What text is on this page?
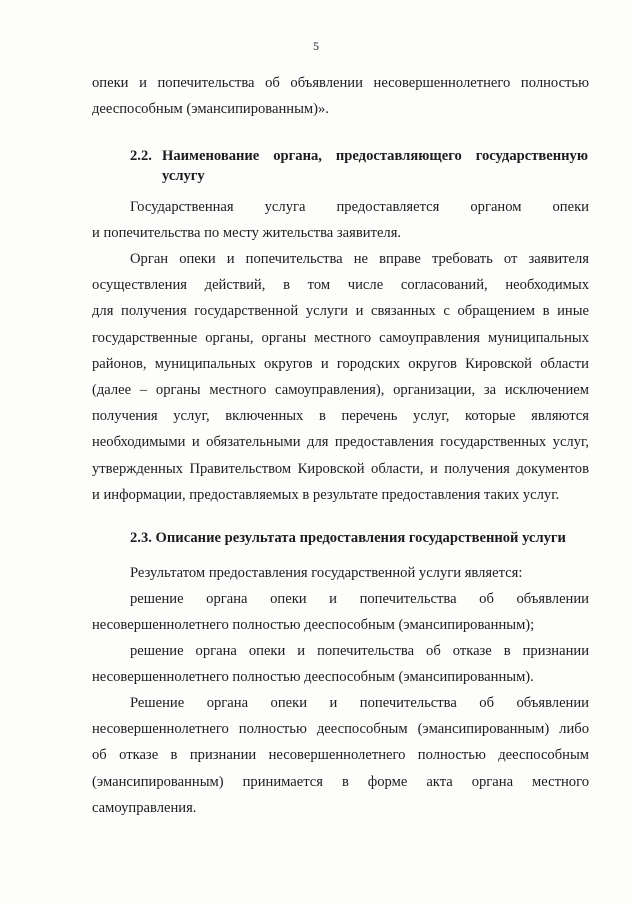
5
опеки и попечительства об объявлении несовершеннолетнего полностью
дееспособным (эмансипированным)».
2.2. Наименование органа, предоставляющего государственную
услугу
Государственная услуга предоставляется органом опеки
и попечительства по месту жительства заявителя.
Орган опеки и попечительства не вправе требовать от заявителя
осуществления действий, в том числе согласований, необходимых
для получения государственной услуги и связанных с обращением в иные
государственные органы, органы местного самоуправления муниципальных
районов, муниципальных округов и городских округов Кировской области
(далее – органы местного самоуправления), организации, за исключением
получения услуг, включенных в перечень услуг, которые являются
необходимыми и обязательными для предоставления государственных услуг,
утвержденных Правительством Кировской области, и получения документов
и информации, предоставляемых в результате предоставления таких услуг.
2.3. Описание результата предоставления государственной услуги
Результатом предоставления государственной услуги является:
решение органа опеки и попечительства об объявлении
несовершеннолетнего полностью дееспособным (эмансипированным);
решение органа опеки и попечительства об отказе в признании
несовершеннолетнего полностью дееспособным (эмансипированным).
Решение органа опеки и попечительства об объявлении
несовершеннолетнего полностью дееспособным (эмансипированным) либо
об отказе в признании несовершеннолетнего полностью дееспособным
(эмансипированным) принимается в форме акта органа местного
самоуправления.
